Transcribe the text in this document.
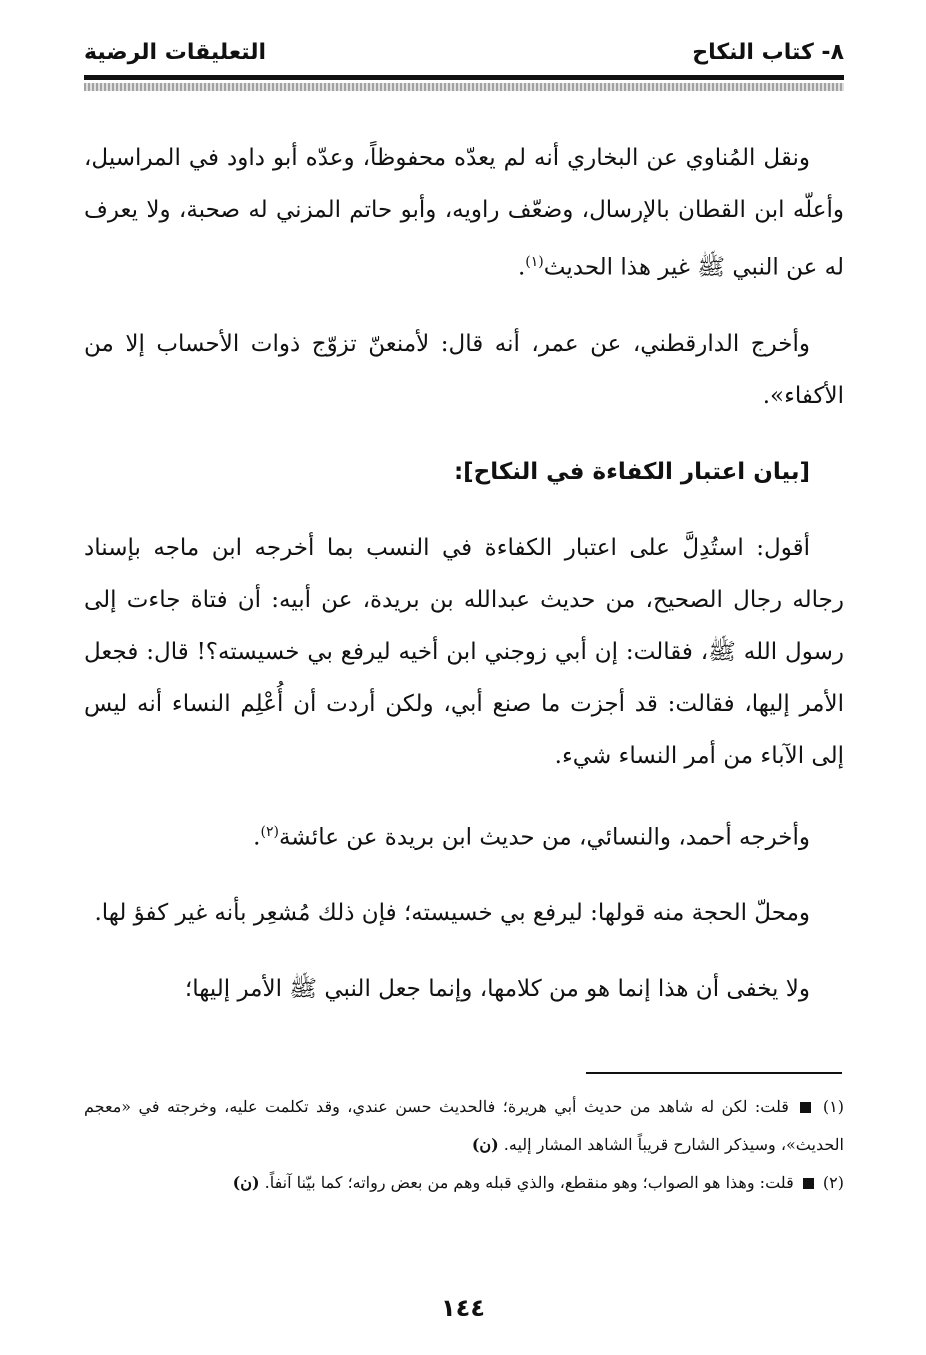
٨- كتاب النكاح
التعليقات الرضية

ونقل المُناوي عن البخاري أنه لم يعدّه محفوظاً، وعدّه أبو داود في المراسيل، وأعلّه ابن القطان بالإرسال، وضعّف راويه، وأبو حاتم المزني له صحبة، ولا يعرف له عن النبي ﷺ غير هذا الحديث$^{(١)}$.

وأخرج الدارقطني، عن عمر، أنه قال: لأمنعنّ تزوّج ذوات الأحساب إلا من الأكفاء».

[بيان اعتبار الكفاءة في النكاح]:

أقول: استُدِلَّ على اعتبار الكفاءة في النسب بما أخرجه ابن ماجه بإسناد رجاله رجال الصحيح، من حديث عبدالله بن بريدة، عن أبيه: أن فتاة جاءت إلى رسول الله ﷺ، فقالت: إن أبي زوجني ابن أخيه ليرفع بي خسيسته؟! قال: فجعل الأمر إليها، فقالت: قد أجزت ما صنع أبي، ولكن أردت أن أُعْلِم النساء أنه ليس إلى الآباء من أمر النساء شيء.

وأخرجه أحمد، والنسائي، من حديث ابن بريدة عن عائشة$^{(٢)}$.

ومحلّ الحجة منه قولها: ليرفع بي خسيسته؛ فإن ذلك مُشعِر بأنه غير كفؤ لها.

ولا يخفى أن هذا إنما هو من كلامها، وإنما جعل النبي ﷺ الأمر إليها؛

(١)  قلت: لكن له شاهد من حديث أبي هريرة؛ فالحديث حسن عندي، وقد تكلمت عليه، وخرجته في «معجم الحديث»، وسيذكر الشارح قريباً الشاهد المشار إليه. (ن)

(٢)  قلت: وهذا هو الصواب؛ وهو منقطع، والذي قبله وهم من بعض رواته؛ كما بيّنا آنفاً. (ن)

١٤٤
